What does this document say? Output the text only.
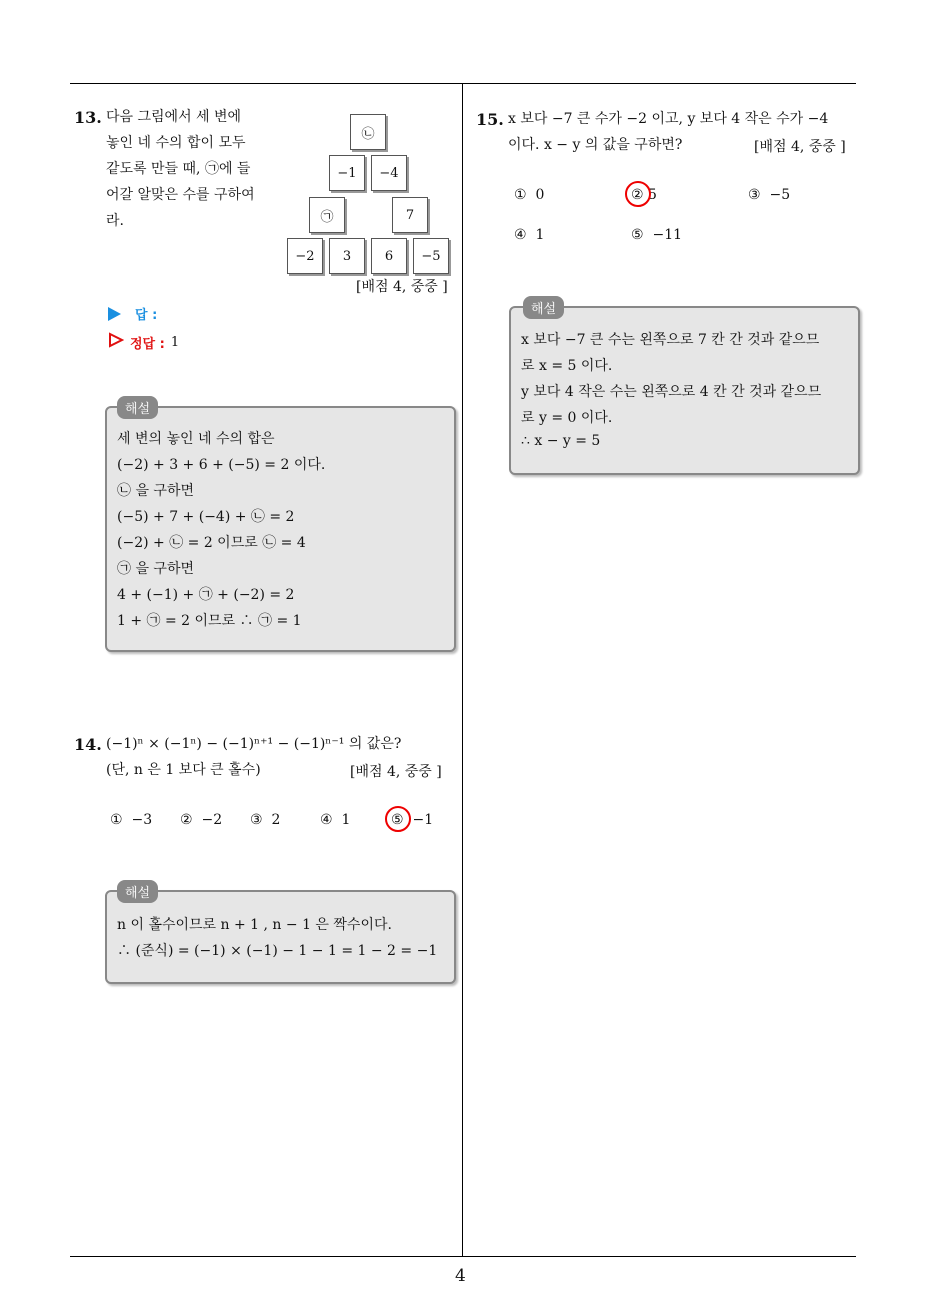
4
13. 다음 그림에서 세 변에
놓인 네 수의 합이 모두
같도록 만들 때, ㉠에 들
어갈 알맞은 수를 구하여
라.
㉡
−1	−4
㉠	7
−2	3	6	−5
[배점 4, 중중 ]
답 :
정답 : 1
해설
세 변의 놓인 네 수의 합은
(−2) + 3 + 6 + (−5) = 2 이다.
㉡ 을 구하면
(−5) + 7 + (−4) + ㉡ = 2
(−2) + ㉡ = 2 이므로 ㉡ = 4
㉠ 을 구하면
4 + (−1) + ㉠ + (−2) = 2
1 + ㉠ = 2 이므로 ∴ ㉠ = 1
14. (−1)ⁿ × (−1ⁿ) − (−1)ⁿ⁺¹ − (−1)ⁿ⁻¹ 의 값은?
(단, n 은 1 보다 큰 홀수)	[배점 4, 중중 ]
① −3 ② −2 ③ 2	④ 1	⑤ −1
해설
n 이 홀수이므로 n + 1 , n − 1 은 짝수이다.
∴ (준식) = (−1) × (−1) − 1 − 1 = 1 − 2 = −1
15. x 보다 −7 큰 수가 −2 이고, y 보다 4 작은 수가 −4
이다. x − y 의 값을 구하면?	[배점 4, 중중 ]
① 0	② 5	③ −5
④ 1	⑤ −11
해설
x 보다 −7 큰 수는 왼쪽으로 7 칸 간 것과 같으므
로 x = 5 이다.
y 보다 4 작은 수는 왼쪽으로 4 칸 간 것과 같으므
로 y = 0 이다.
∴ x − y = 5
